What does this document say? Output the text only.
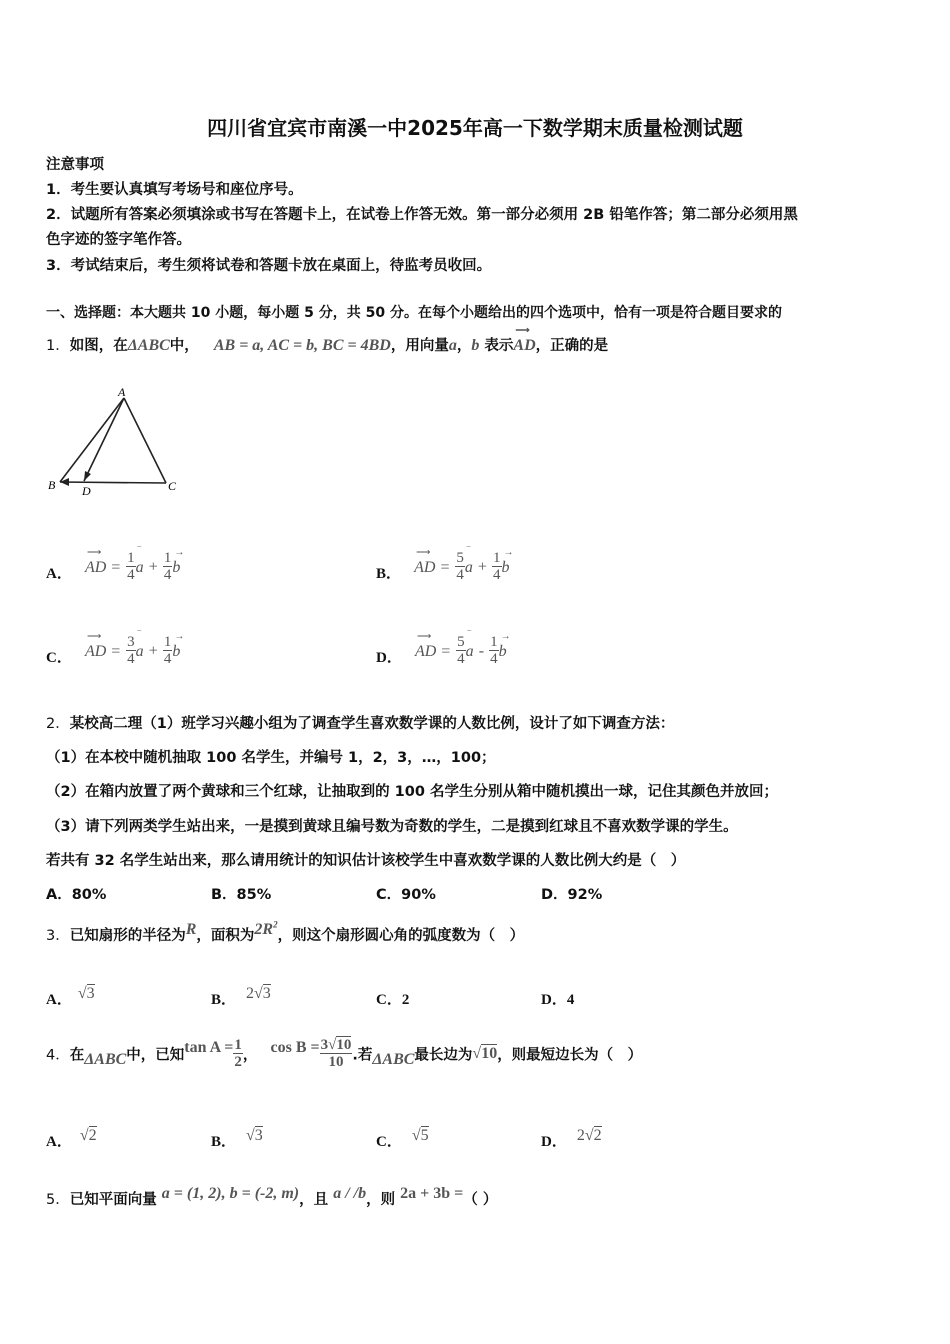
四川省宜宾市南溪一中2025年高一下数学期末质量检测试题
注意事项
1．考生要认真填写考场号和座位序号。
2．试题所有答案必须填涂或书写在答题卡上，在试卷上作答无效。第一部分必须用 2B 铅笔作答；第二部分必须用黑
色字迹的签字笔作答。
3．考试结束后，考生须将试卷和答题卡放在桌面上，待监考员收回。
一、选择题：本大题共 10 小题，每小题 5 分，共 50 分。在每个小题给出的四个选项中，恰有一项是符合题目要求的
1．如图，在ΔABC中， AB = a, AC = b, BC = 4BD，用向量a，b 表示
⟶
AD，正确的是
A
B D	C
A．
⟶
AD = $\frac{1}{4}$ ‾
$a + \frac{1}{4}$ →
b	B．
⟶
AD = $\frac{5}{4}$ ‾
$a + \frac{1}{4}$ →
b
C．
⟶
AD = $\frac{3}{4}$ ‾
$a + \frac{1}{4}$ →
b	D．
⟶
AD = $\frac{5}{4}$ ‾
a - $\frac{1}{4}$ →
b
2．某校高二理（1）班学习兴趣小组为了调查学生喜欢数学课的人数比例，设计了如下调查方法：
（1）在本校中随机抽取 100 名学生，并编号 1，2，3，…，100；
（2）在箱内放置了两个黄球和三个红球，让抽取到的 100 名学生分别从箱中随机摸出一球，记住其颜色并放回；
（3）请下列两类学生站出来，一是摸到黄球且编号数为奇数的学生，二是摸到红球且不喜欢数学课的学生。
若共有 32 名学生站出来，那么请用统计的知识估计该校学生中喜欢数学课的人数比例大约是（　）
A．80%	B．85%	C．90%	D．92%
3．已知扇形的半径为R，面积为$2R^2$，则这个扇形圆心角的弧度数为（　）
A． √3	B． 2√3	C．2	D．4
4．在ΔABC中，已知$\tan A = \frac{1}{2}$ ， $\cos B = \frac{3√10}{10}$ .若ΔABC最长边为√10，则最短边长为（　）
A． √2	B． √3	C． √5	D． 2√2
5．已知平面向量 a = (1, 2), b = (-2, m)，且 a / /b，则 2a + 3b =（ ）
